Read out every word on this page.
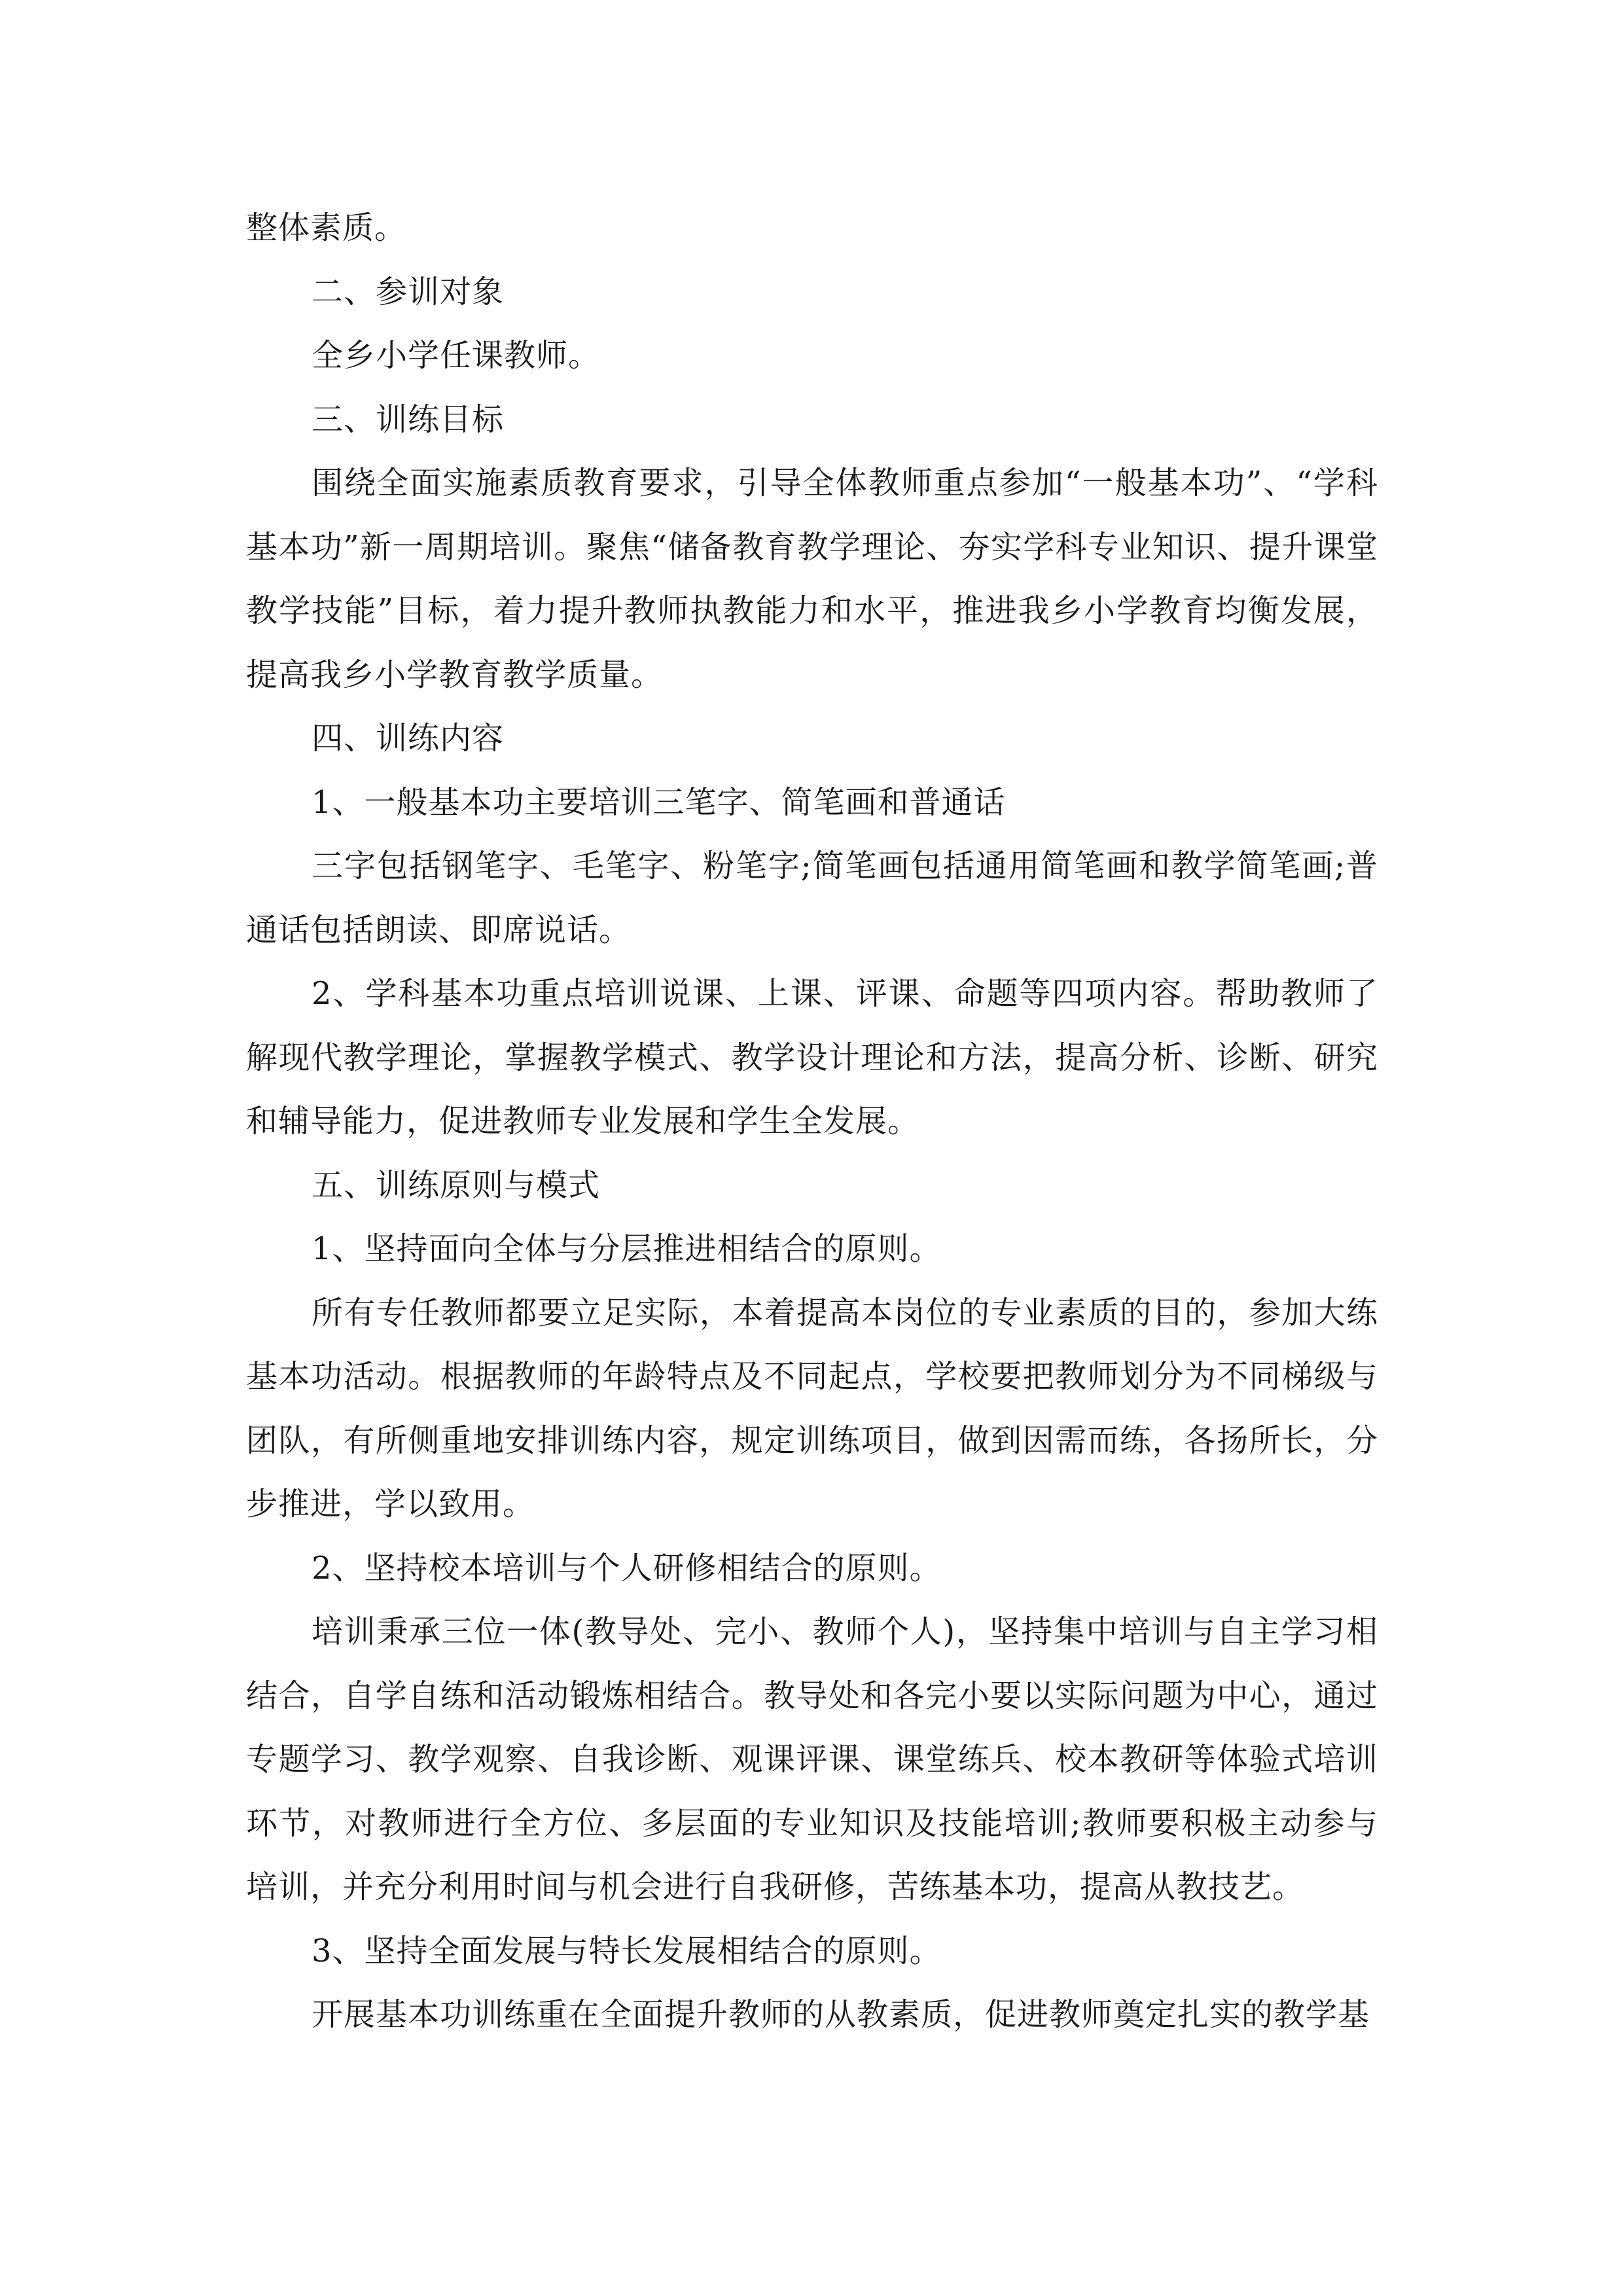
整体素质。

二、参训对象

全乡小学任课教师。

三、训练目标

围绕全面实施素质教育要求，引导全体教师重点参加“一般基本功”、“学科基本功”新一周期培训。聚焦“储备教育教学理论、夯实学科专业知识、提升课堂教学技能”目标，着力提升教师执教能力和水平，推进我乡小学教育均衡发展，提高我乡小学教育教学质量。

四、训练内容

1、一般基本功主要培训三笔字、简笔画和普通话

三字包括钢笔字、毛笔字、粉笔字;简笔画包括通用简笔画和教学简笔画;普通话包括朗读、即席说话。

2、学科基本功重点培训说课、上课、评课、命题等四项内容。帮助教师了解现代教学理论，掌握教学模式、教学设计理论和方法，提高分析、诊断、研究和辅导能力，促进教师专业发展和学生全发展。

五、训练原则与模式

1、坚持面向全体与分层推进相结合的原则。

所有专任教师都要立足实际，本着提高本岗位的专业素质的目的，参加大练基本功活动。根据教师的年龄特点及不同起点，学校要把教师划分为不同梯级与团队，有所侧重地安排训练内容，规定训练项目，做到因需而练，各扬所长，分步推进，学以致用。

2、坚持校本培训与个人研修相结合的原则。

培训秉承三位一体(教导处、完小、教师个人)，坚持集中培训与自主学习相结合，自学自练和活动锻炼相结合。教导处和各完小要以实际问题为中心，通过专题学习、教学观察、自我诊断、观课评课、课堂练兵、校本教研等体验式培训环节，对教师进行全方位、多层面的专业知识及技能培训;教师要积极主动参与培训，并充分利用时间与机会进行自我研修，苦练基本功，提高从教技艺。

3、坚持全面发展与特长发展相结合的原则。

开展基本功训练重在全面提升教师的从教素质，促进教师奠定扎实的教学基
